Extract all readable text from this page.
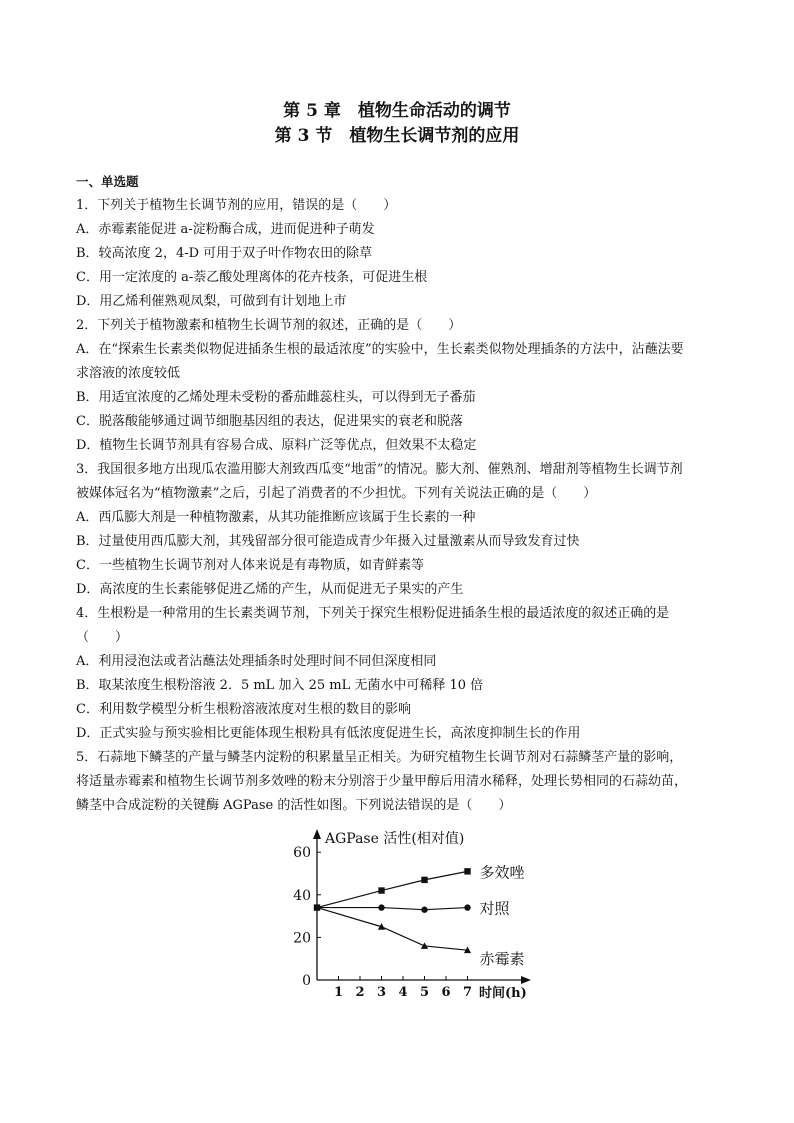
第 5 章　植物生命活动的调节
第 3 节　植物生长调节剂的应用
一、单选题
1．下列关于植物生长调节剂的应用，错误的是（　　）
A．赤霉素能促进 a-淀粉酶合成，进而促进种子萌发
B．较高浓度 2，4-D 可用于双子叶作物农田的除草
C．用一定浓度的 a-萘乙酸处理离体的花卉枝条，可促进生根
D．用乙烯利催熟观凤梨，可做到有计划地上市
2．下列关于植物激素和植物生长调节剂的叙述，正确的是（　　）
A．在“探索生长素类似物促进插条生根的最适浓度”的实验中，生长素类似物处理插条的方法中，沾蘸法要
求溶液的浓度较低
B．用适宜浓度的乙烯处理未受粉的番茄雌蕊柱头，可以得到无子番茄
C．脱落酸能够通过调节细胞基因组的表达，促进果实的衰老和脱落
D．植物生长调节剂具有容易合成、原料广泛等优点，但效果不太稳定
3．我国很多地方出现瓜农滥用膨大剂致西瓜变“地雷”的情况。膨大剂、催熟剂、增甜剂等植物生长调节剂
被媒体冠名为“植物激素”之后，引起了消费者的不少担忧。下列有关说法正确的是（　　）
A．西瓜膨大剂是一种植物激素，从其功能推断应该属于生长素的一种
B．过量使用西瓜膨大剂，其残留部分很可能造成青少年摄入过量激素从而导致发育过快
C．一些植物生长调节剂对人体来说是有毒物质，如青鲜素等
D．高浓度的生长素能够促进乙烯的产生，从而促进无子果实的产生
4．生根粉是一种常用的生长素类调节剂，下列关于探究生根粉促进插条生根的最适浓度的叙述正确的是
（　　）
A．利用浸泡法或者沾蘸法处理插条时处理时间不同但深度相同
B．取某浓度生根粉溶液 2．5 mL 加入 25 mL 无菌水中可稀释 10 倍
C．利用数学模型分析生根粉溶液浓度对生根的数目的影响
D．正式实验与预实验相比更能体现生根粉具有低浓度促进生长，高浓度抑制生长的作用
5．石蒜地下鳞茎的产量与鳞茎内淀粉的积累量呈正相关。为研究植物生长调节剂对石蒜鳞茎产量的影响，
将适量赤霉素和植物生长调节剂多效唑的粉末分别溶于少量甲醇后用清水稀释，处理长势相同的石蒜幼苗，
鳞茎中合成淀粉的关键酶 AGPase 的活性如图。下列说法错误的是（　　）
AGPase 活性(相对值)
时间(h)
0
20
40
60
1 2 3 4 5 6 7
多效唑
对照
赤霉素
